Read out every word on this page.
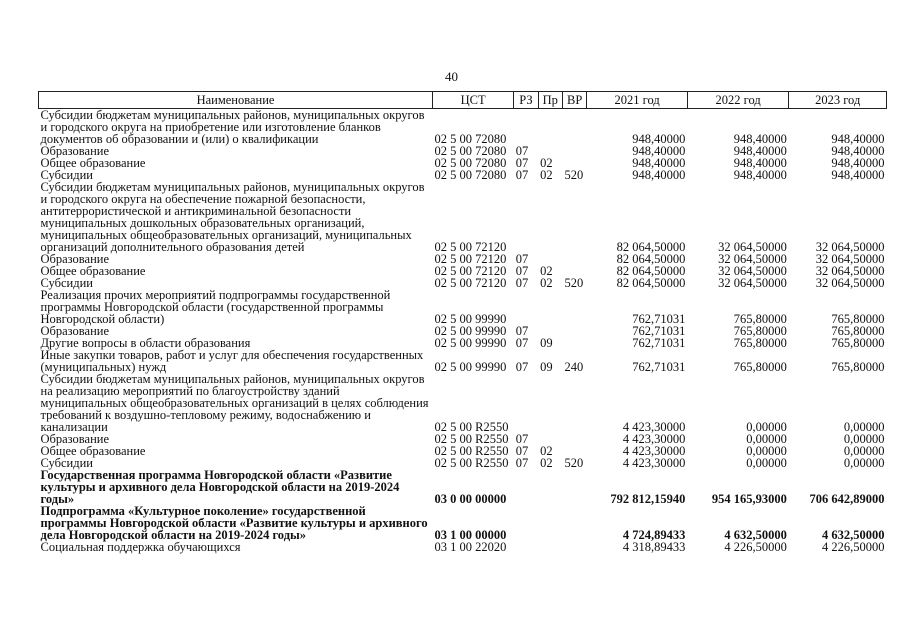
40
Наименование	ЦСТ	РЗ	Пр	ВР	2021 год	2022 год	2023 год
Субсидии бюджетам муниципальных районов, муниципальных округов и городского округа на приобретение или изготовление бланков документов об образовании и (или) о квалификации	02 5 00 72080				948,40000	948,40000	948,40000
Образование	02 5 00 72080	07			948,40000	948,40000	948,40000
Общее образование	02 5 00 72080	07	02		948,40000	948,40000	948,40000
Субсидии	02 5 00 72080	07	02	520	948,40000	948,40000	948,40000
Субсидии бюджетам муниципальных районов, муниципальных округов и городского округа на обеспечение пожарной безопасности, антитеррористической и антикриминальной безопасности муниципальных дошкольных образовательных организаций, муниципальных общеобразовательных организаций, муниципальных организаций дополнительного образования детей	02 5 00 72120				82 064,50000	32 064,50000	32 064,50000
Образование	02 5 00 72120	07			82 064,50000	32 064,50000	32 064,50000
Общее образование	02 5 00 72120	07	02		82 064,50000	32 064,50000	32 064,50000
Субсидии	02 5 00 72120	07	02	520	82 064,50000	32 064,50000	32 064,50000
Реализация прочих мероприятий подпрограммы государственной программы Новгородской области (государственной программы Новгородской области)	02 5 00 99990				762,71031	765,80000	765,80000
Образование	02 5 00 99990	07			762,71031	765,80000	765,80000
Другие вопросы в области образования	02 5 00 99990	07	09		762,71031	765,80000	765,80000
Иные закупки товаров, работ и услуг для обеспечения государственных (муниципальных) нужд	02 5 00 99990	07	09	240	762,71031	765,80000	765,80000
Субсидии бюджетам муниципальных районов, муниципальных округов на реализацию мероприятий по благоустройству зданий муниципальных общеобразовательных организаций в целях соблюдения требований к воздушно-тепловому режиму, водоснабжению и канализации	02 5 00 R2550				4 423,30000	0,00000	0,00000
Образование	02 5 00 R2550	07			4 423,30000	0,00000	0,00000
Общее образование	02 5 00 R2550	07	02		4 423,30000	0,00000	0,00000
Субсидии	02 5 00 R2550	07	02	520	4 423,30000	0,00000	0,00000
Государственная программа Новгородской области «Развитие культуры и архивного дела Новгородской области на 2019-2024 годы»	03 0 00 00000				792 812,15940	954 165,93000	706 642,89000
Подпрограмма «Культурное поколение» государственной программы Новгородской области «Развитие культуры и архивного дела Новгородской области на 2019-2024 годы»	03 1 00 00000				4 724,89433	4 632,50000	4 632,50000
Социальная поддержка обучающихся	03 1 00 22020				4 318,89433	4 226,50000	4 226,50000
